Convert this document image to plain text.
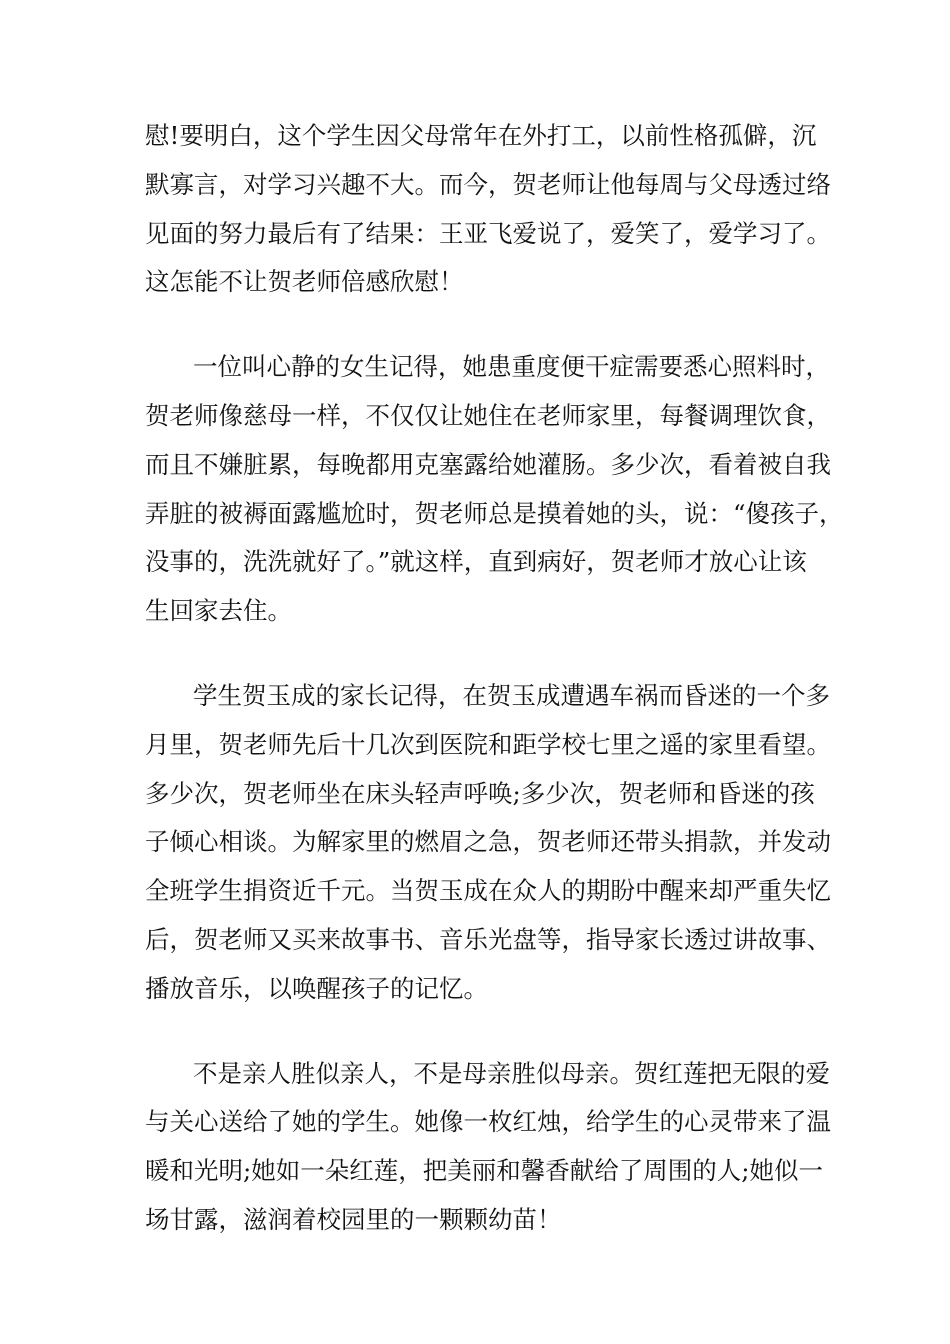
慰!要明白，这个学生因父母常年在外打工，以前性格孤僻，沉
默寡言，对学习兴趣不大。而今，贺老师让他每周与父母透过络
见面的努力最后有了结果：王亚飞爱说了，爱笑了，爱学习了。
这怎能不让贺老师倍感欣慰！
一位叫心静的女生记得，她患重度便干症需要悉心照料时，
贺老师像慈母一样，不仅仅让她住在老师家里，每餐调理饮食，
而且不嫌脏累，每晚都用克塞露给她灌肠。多少次，看着被自我
弄脏的被褥面露尴尬时，贺老师总是摸着她的头，说：“傻孩子，
没事的，洗洗就好了。”就这样，直到病好，贺老师才放心让该
生回家去住。
学生贺玉成的家长记得，在贺玉成遭遇车祸而昏迷的一个多
月里，贺老师先后十几次到医院和距学校七里之遥的家里看望。
多少次，贺老师坐在床头轻声呼唤;多少次，贺老师和昏迷的孩
子倾心相谈。为解家里的燃眉之急，贺老师还带头捐款，并发动
全班学生捐资近千元。当贺玉成在众人的期盼中醒来却严重失忆
后，贺老师又买来故事书、音乐光盘等，指导家长透过讲故事、
播放音乐，以唤醒孩子的记忆。
不是亲人胜似亲人，不是母亲胜似母亲。贺红莲把无限的爱
与关心送给了她的学生。她像一枚红烛，给学生的心灵带来了温
暖和光明;她如一朵红莲，把美丽和馨香献给了周围的人;她似一
场甘露，滋润着校园里的一颗颗幼苗！
